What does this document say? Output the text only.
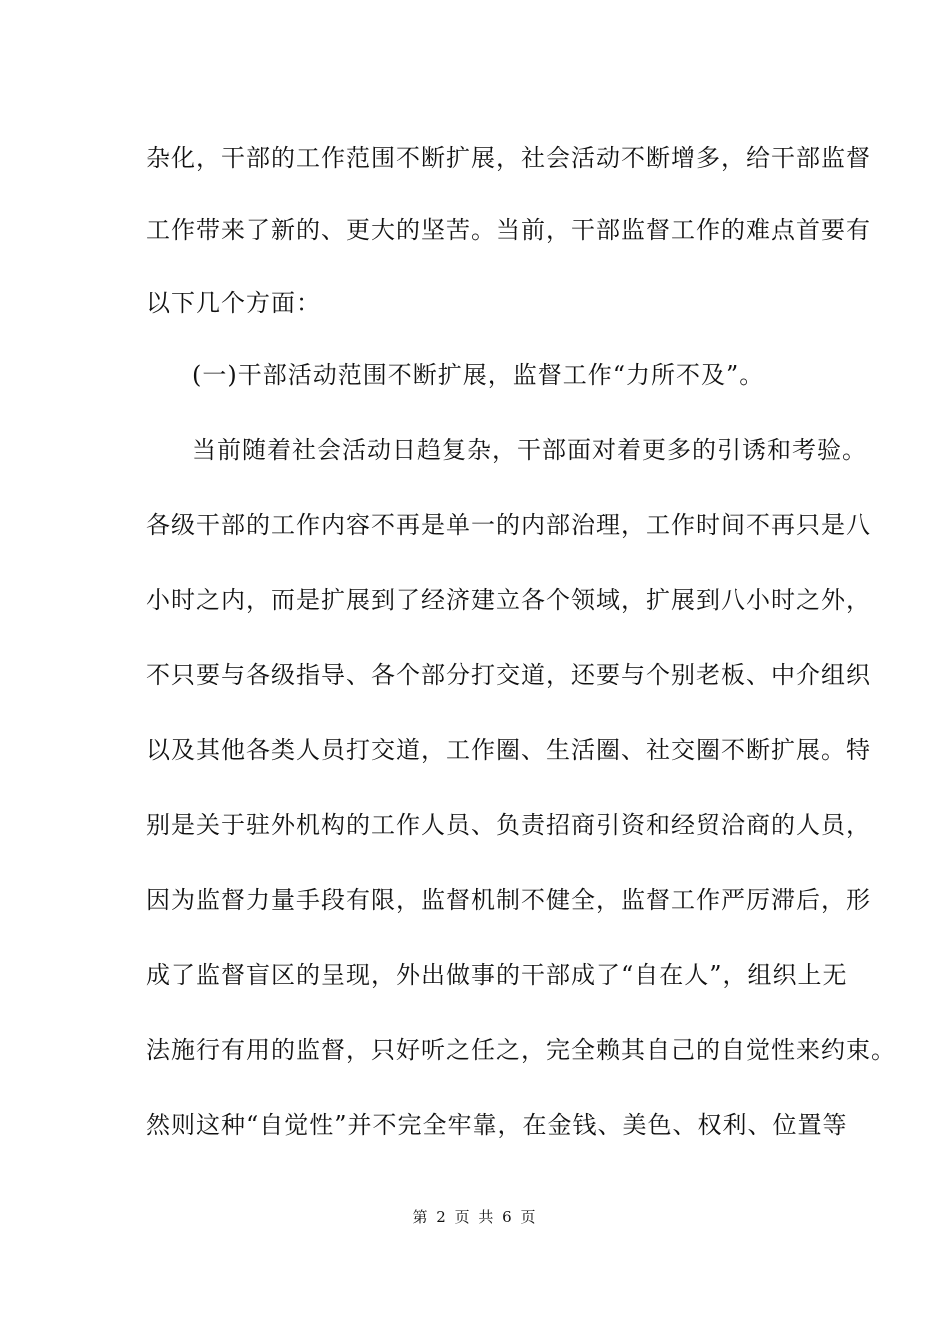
杂化，干部的工作范围不断扩展，社会活动不断增多，给干部监督
工作带来了新的、更大的坚苦。当前，干部监督工作的难点首要有
以下几个方面：
(一)干部活动范围不断扩展，监督工作“力所不及”。
当前随着社会活动日趋复杂，干部面对着更多的引诱和考验。
各级干部的工作内容不再是单一的内部治理，工作时间不再只是八
小时之内，而是扩展到了经济建立各个领域，扩展到八小时之外，
不只要与各级指导、各个部分打交道，还要与个别老板、中介组织
以及其他各类人员打交道，工作圈、生活圈、社交圈不断扩展。特
别是关于驻外机构的工作人员、负责招商引资和经贸洽商的人员，
因为监督力量手段有限，监督机制不健全，监督工作严厉滞后，形
成了监督盲区的呈现，外出做事的干部成了“自在人”，组织上无
法施行有用的监督，只好听之任之，完全赖其自己的自觉性来约束。
然则这种“自觉性”并不完全牢靠，在金钱、美色、权利、位置等
第 2 页 共 6 页
